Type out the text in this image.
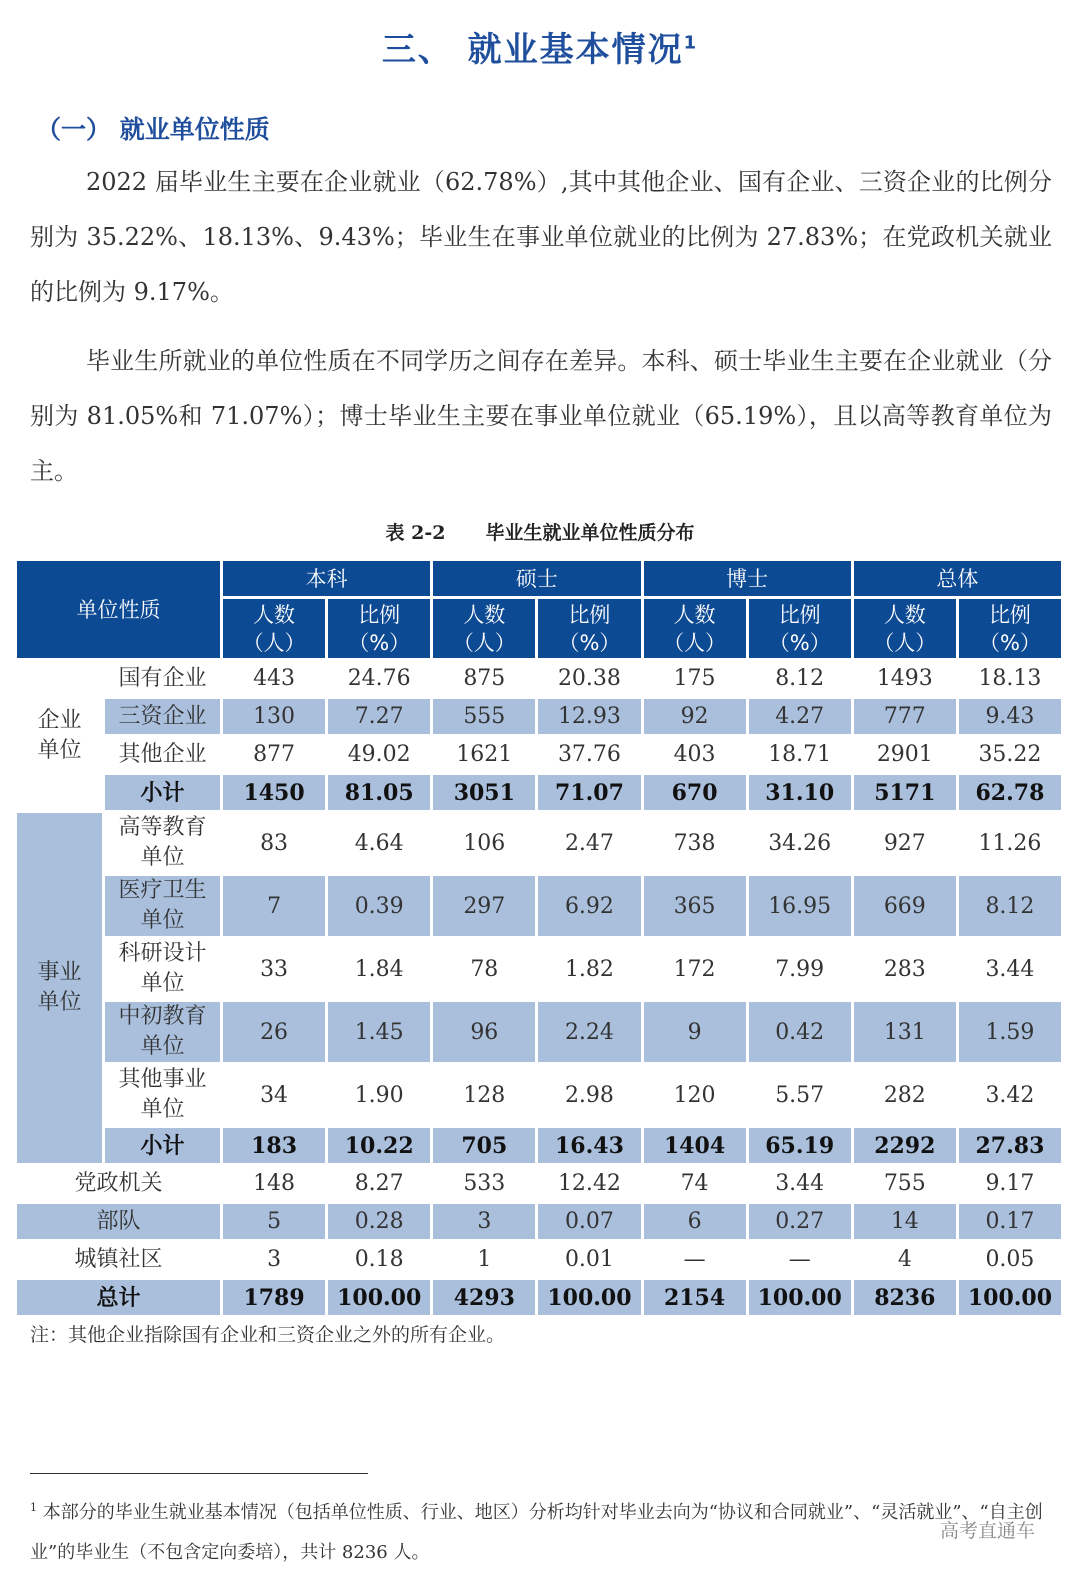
三、 就业基本情况$^1$
（一） 就业单位性质
2022 届毕业生主要在企业就业（62.78%）,其中其他企业、国有企业、三资企业的比例分别为 35.22%、18.13%、9.43%；毕业生在事业单位就业的比例为 27.83%；在党政机关就业的比例为 9.17%。
毕业生所就业的单位性质在不同学历之间存在差异。本科、硕士毕业生主要在企业就业（分别为 81.05%和 71.07%）；博士毕业生主要在事业单位就业（65.19%），且以高等教育单位为主。
表 2-2 毕业生就业单位性质分布
单位性质		本科		硕士		博士		总体	
		人数（人）	比例（%）	人数（人）	比例（%）	人数（人）	比例（%）	人数（人）	比例（%）
企业单位	国有企业	443	24.76	875	20.38	175	8.12	1493	18.13
	三资企业	130	7.27	555	12.93	92	4.27	777	9.43
	其他企业	877	49.02	1621	37.76	403	18.71	2901	35.22
	小计	1450	81.05	3051	71.07	670	31.10	5171	62.78
事业单位	高等教育单位	83	4.64	106	2.47	738	34.26	927	11.26
	医疗卫生单位	7	0.39	297	6.92	365	16.95	669	8.12
	科研设计单位	33	1.84	78	1.82	172	7.99	283	3.44
	中初教育单位	26	1.45	96	2.24	9	0.42	131	1.59
	其他事业单位	34	1.90	128	2.98	120	5.57	282	3.42
	小计	183	10.22	705	16.43	1404	65.19	2292	27.83
党政机关		148	8.27	533	12.42	74	3.44	755	9.17
部队		5	0.28	3	0.07	6	0.27	14	0.17
城镇社区		3	0.18	1	0.01	—	—	4	0.05
总计		1789	100.00	4293	100.00	2154	100.00	8236	100.00
注：其他企业指除国有企业和三资企业之外的所有企业。
$^1$ 本部分的毕业生就业基本情况（包括单位性质、行业、地区）分析均针对毕业去向为“协议和合同就业”、“灵活就业”、“自主创业”的毕业生（不包含定向委培），共计 8236 人。
高考直通车
